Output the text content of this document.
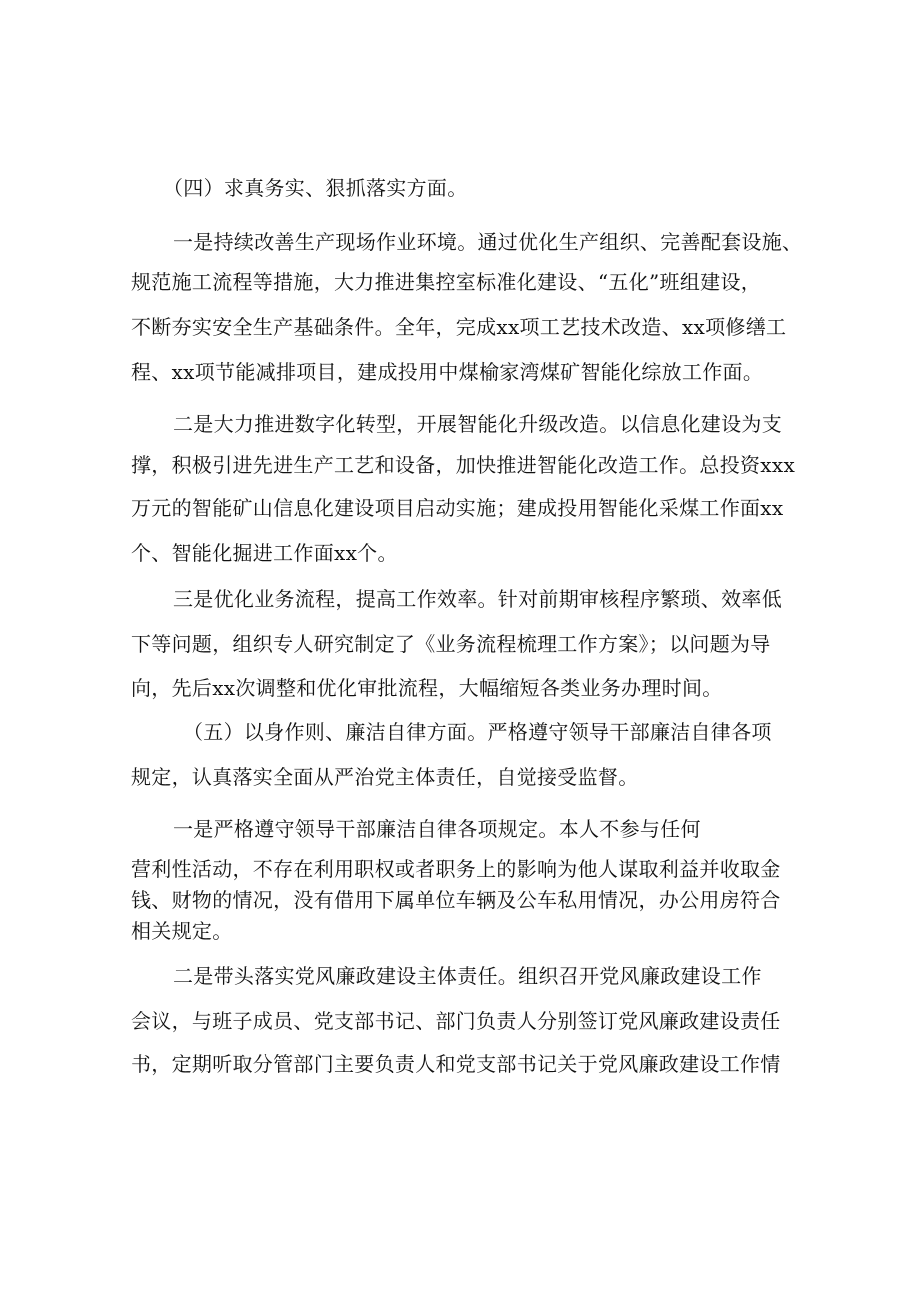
（四）求真务实、狠抓落实方面。
一是持续改善生产现场作业环境。通过优化生产组织、完善配套设施、
规范施工流程等措施，大力推进集控室标准化建设、“五化”班组建设，
不断夯实安全生产基础条件。全年，完成xx项工艺技术改造、xx项修缮工
程、xx项节能减排项目，建成投用中煤榆家湾煤矿智能化综放工作面。
二是大力推进数字化转型，开展智能化升级改造。以信息化建设为支
撑，积极引进先进生产工艺和设备，加快推进智能化改造工作。总投资xxx
万元的智能矿山信息化建设项目启动实施；建成投用智能化采煤工作面xx
个、智能化掘进工作面xx个。
三是优化业务流程，提高工作效率。针对前期审核程序繁琐、效率低
下等问题，组织专人研究制定了《业务流程梳理工作方案》；以问题为导
向，先后xx次调整和优化审批流程，大幅缩短各类业务办理时间。
（五）以身作则、廉洁自律方面。严格遵守领导干部廉洁自律各项
规定，认真落实全面从严治党主体责任，自觉接受监督。
一是严格遵守领导干部廉洁自律各项规定。本人不参与任何
营利性活动，不存在利用职权或者职务上的影响为他人谋取利益并收取金
钱、财物的情况，没有借用下属单位车辆及公车私用情况，办公用房符合
相关规定。
二是带头落实党风廉政建设主体责任。组织召开党风廉政建设工作
会议，与班子成员、党支部书记、部门负责人分别签订党风廉政建设责任
书，定期听取分管部门主要负责人和党支部书记关于党风廉政建设工作情
